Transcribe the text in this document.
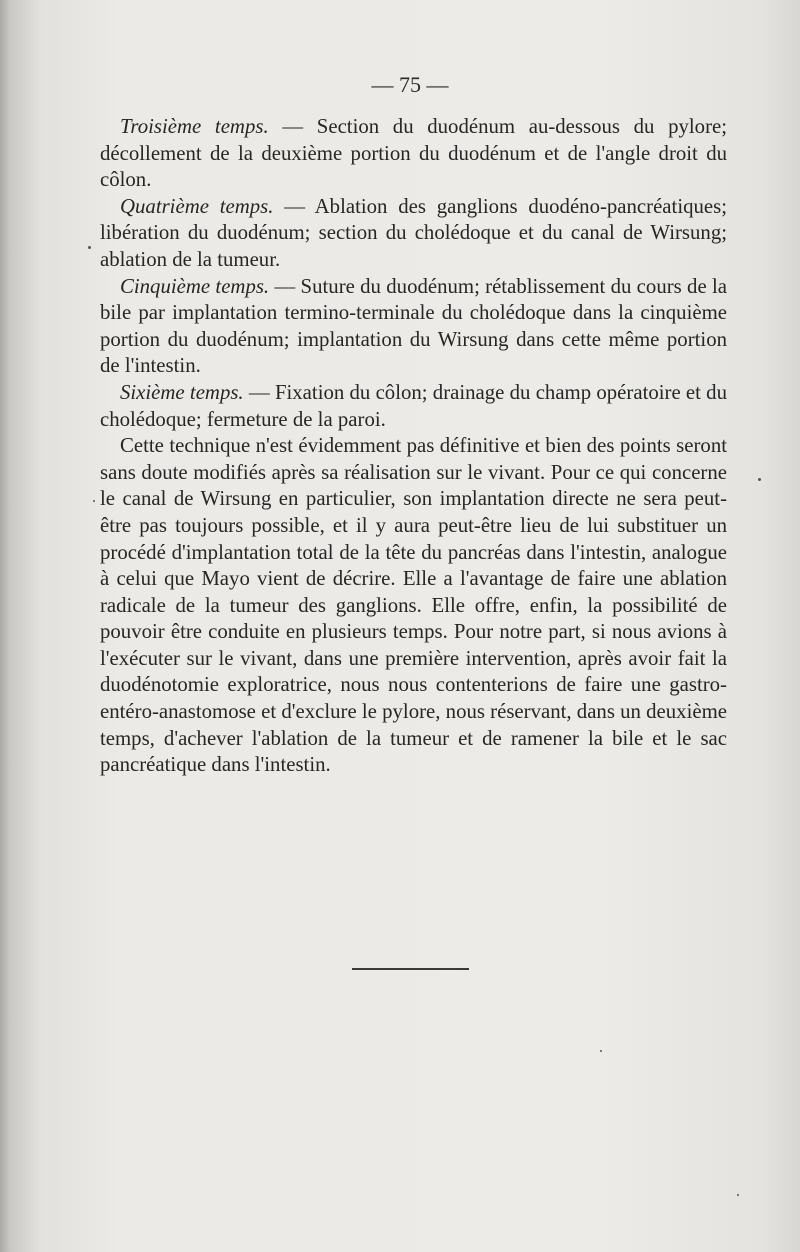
— 75 —

Troisième temps. — Section du duodénum au-dessous du pylore; décollement de la deuxième portion du duodénum et de l'angle droit du côlon.

Quatrième temps. — Ablation des ganglions duodéno-pancréatiques; libération du duodénum; section du cholédoque et du canal de Wirsung; ablation de la tumeur.

Cinquième temps. — Suture du duodénum; rétablissement du cours de la bile par implantation termino-terminale du cholédoque dans la cinquième portion du duodénum; implantation du Wirsung dans cette même portion de l'intestin.

Sixième temps. — Fixation du côlon; drainage du champ opératoire et du cholédoque; fermeture de la paroi.

Cette technique n'est évidemment pas définitive et bien des points seront sans doute modifiés après sa réalisation sur le vivant. Pour ce qui concerne le canal de Wirsung en particulier, son implantation directe ne sera peut-être pas toujours possible, et il y aura peut-être lieu de lui substituer un procédé d'implantation total de la tête du pancréas dans l'intestin, analogue à celui que Mayo vient de décrire. Elle a l'avantage de faire une ablation radicale de la tumeur des ganglions. Elle offre, enfin, la possibilité de pouvoir être conduite en plusieurs temps. Pour notre part, si nous avions à l'exécuter sur le vivant, dans une première intervention, après avoir fait la duodénotomie exploratrice, nous nous contenterions de faire une gastro-entéro-anastomose et d'exclure le pylore, nous réservant, dans un deuxième temps, d'achever l'ablation de la tumeur et de ramener la bile et le sac pancréatique dans l'intestin.
